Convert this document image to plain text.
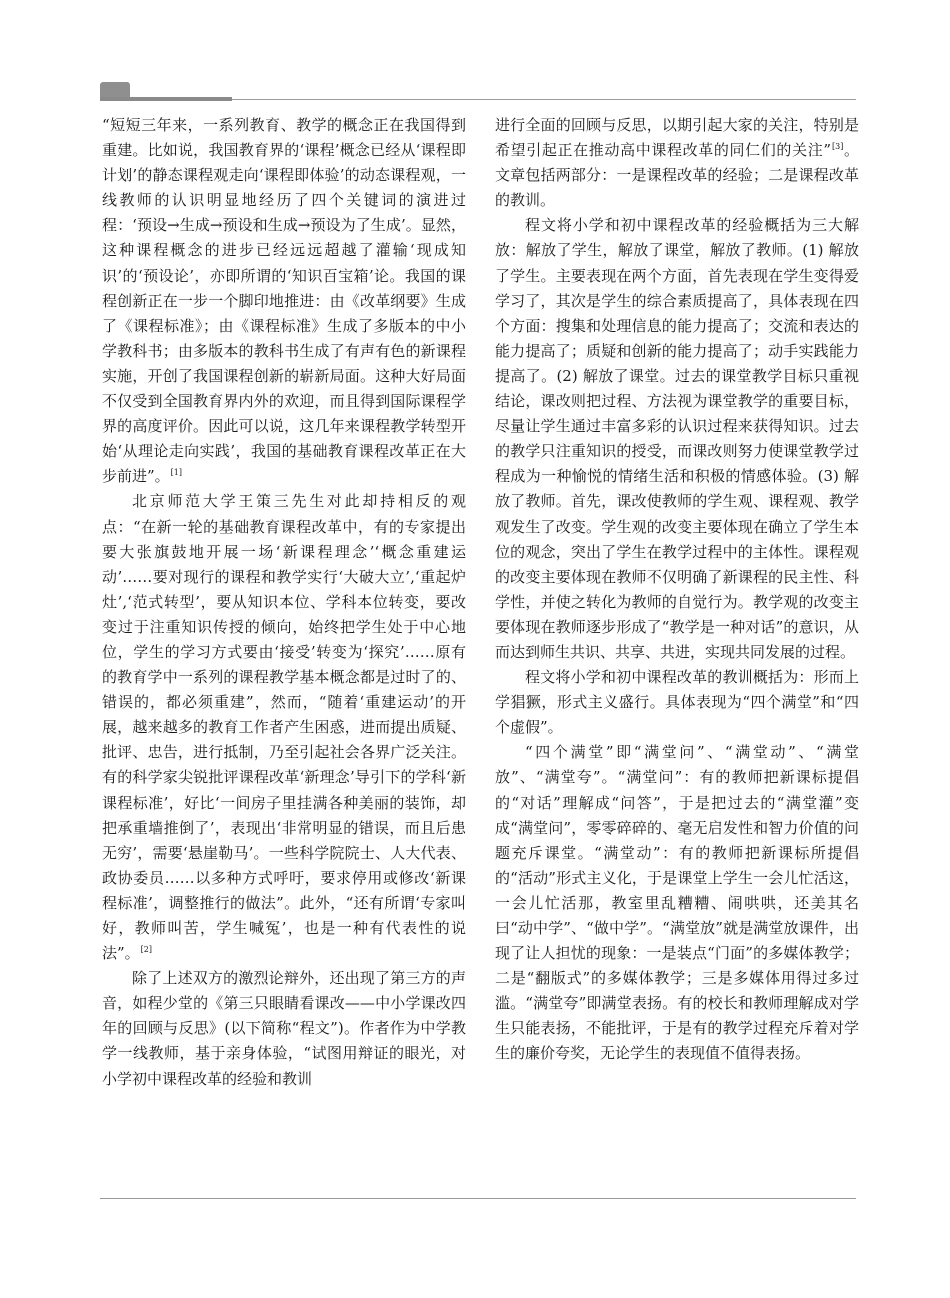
“短短三年来，一系列教育、教学的概念正在我国得到重建。比如说，我国教育界的‘课程’概念已经从‘课程即计划’的静态课程观走向‘课程即体验’的动态课程观，一线教师的认识明显地经历了四个关键词的演进过程：‘预设→生成→预设和生成→预设为了生成’。显然，这种课程概念的进步已经远远超越了灌输‘现成知识’的‘预设论’，亦即所谓的‘知识百宝箱’论。我国的课程创新正在一步一个脚印地推进：由《改革纲要》生成了《课程标准》；由《课程标准》生成了多版本的中小学教科书；由多版本的教科书生成了有声有色的新课程实施，开创了我国课程创新的崭新局面。这种大好局面不仅受到全国教育界内外的欢迎，而且得到国际课程学界的高度评价。因此可以说，这几年来课程教学转型开始‘从理论走向实践’，我国的基础教育课程改革正在大步前进”。[1]

北京师范大学王策三先生对此却持相反的观点：“在新一轮的基础教育课程改革中，有的专家提出要大张旗鼓地开展一场‘新课程理念’‘概念重建运动’……要对现行的课程和教学实行‘大破大立’,‘重起炉灶’,‘范式转型’，要从知识本位、学科本位转变，要改变过于注重知识传授的倾向，始终把学生处于中心地位，学生的学习方式要由‘接受’转变为‘探究’……原有的教育学中一系列的课程教学基本概念都是过时了的、错误的，都必须重建”，然而，“随着‘重建运动’的开展，越来越多的教育工作者产生困惑，进而提出质疑、批评、忠告，进行抵制，乃至引起社会各界广泛关注。有的科学家尖锐批评课程改革‘新理念’导引下的学科‘新课程标准’，好比‘一间房子里挂满各种美丽的装饰，却把承重墙推倒了’，表现出‘非常明显的错误，而且后患无穷’，需要‘悬崖勒马’。一些科学院院士、人大代表、政协委员……以多种方式呼吁，要求停用或修改‘新课程标准’，调整推行的做法”。此外，“还有所谓‘专家叫好，教师叫苦，学生喊冤’，也是一种有代表性的说法”。[2]

除了上述双方的激烈论辩外，还出现了第三方的声音，如程少堂的《第三只眼睛看课改——中小学课改四年的回顾与反思》(以下简称“程文”)。作者作为中学教学一线教师，基于亲身体验，“试图用辩证的眼光，对小学初中课程改革的经验和教训

进行全面的回顾与反思，以期引起大家的关注，特别是希望引起正在推动高中课程改革的同仁们的关注”[3]。文章包括两部分：一是课程改革的经验；二是课程改革的教训。

程文将小学和初中课程改革的经验概括为三大解放：解放了学生，解放了课堂，解放了教师。(1) 解放了学生。主要表现在两个方面，首先表现在学生变得爱学习了，其次是学生的综合素质提高了，具体表现在四个方面：搜集和处理信息的能力提高了；交流和表达的能力提高了；质疑和创新的能力提高了；动手实践能力提高了。(2) 解放了课堂。过去的课堂教学目标只重视结论，课改则把过程、方法视为课堂教学的重要目标，尽量让学生通过丰富多彩的认识过程来获得知识。过去的教学只注重知识的授受，而课改则努力使课堂教学过程成为一种愉悦的情绪生活和积极的情感体验。(3) 解放了教师。首先，课改使教师的学生观、课程观、教学观发生了改变。学生观的改变主要体现在确立了学生本位的观念，突出了学生在教学过程中的主体性。课程观的改变主要体现在教师不仅明确了新课程的民主性、科学性，并使之转化为教师的自觉行为。教学观的改变主要体现在教师逐步形成了“教学是一种对话”的意识，从而达到师生共识、共享、共进，实现共同发展的过程。

程文将小学和初中课程改革的教训概括为：形而上学猖獗，形式主义盛行。具体表现为“四个满堂”和“四个虚假”。

“四个满堂”即“满堂问”、“满堂动”、“满堂放”、“满堂夸”。“满堂问”：有的教师把新课标提倡的“对话”理解成“问答”，于是把过去的“满堂灌”变成“满堂问”，零零碎碎的、毫无启发性和智力价值的问题充斥课堂。“满堂动”：有的教师把新课标所提倡的“活动”形式主义化，于是课堂上学生一会儿忙活这，一会儿忙活那，教室里乱糟糟、闹哄哄，还美其名曰“动中学”、“做中学”。“满堂放”就是满堂放课件，出现了让人担忧的现象：一是装点“门面”的多媒体教学；二是“翻版式”的多媒体教学；三是多媒体用得过多过滥。“满堂夸”即满堂表扬。有的校长和教师理解成对学生只能表扬，不能批评，于是有的教学过程充斥着对学生的廉价夸奖，无论学生的表现值不值得表扬。
